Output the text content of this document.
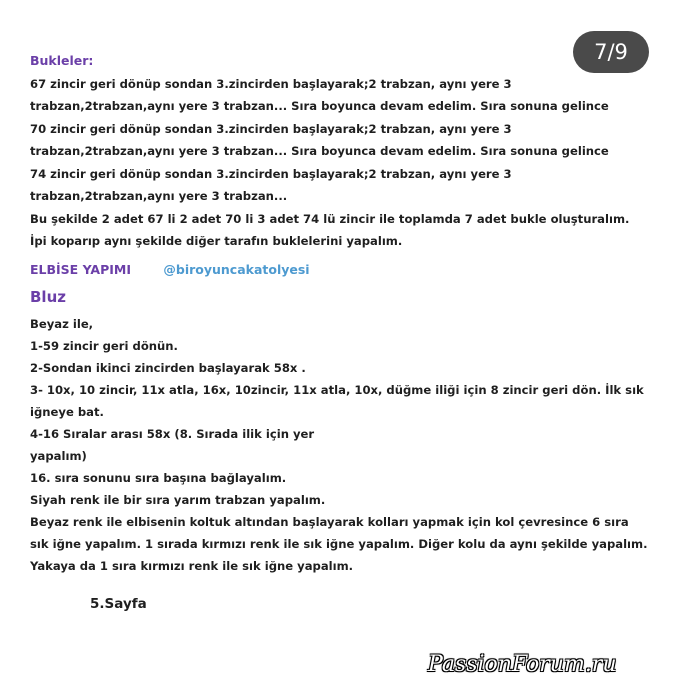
7/9
Bukleler:
67 zincir geri dönüp sondan 3.zincirden başlayarak;2 trabzan, aynı yere 3
trabzan,2trabzan,aynı yere 3 trabzan... Sıra boyunca devam edelim. Sıra sonuna gelince
70 zincir geri dönüp sondan 3.zincirden başlayarak;2 trabzan, aynı yere 3
trabzan,2trabzan,aynı yere 3 trabzan... Sıra boyunca devam edelim. Sıra sonuna gelince
74 zincir geri dönüp sondan 3.zincirden başlayarak;2 trabzan, aynı yere 3
trabzan,2trabzan,aynı yere 3 trabzan...
Bu şekilde 2 adet 67 li 2 adet 70 li 3 adet 74 lü zincir ile toplamda 7 adet bukle oluşturalım.
İpi koparıp aynı şekilde diğer tarafın buklelerini yapalım.
ELBİSE YAPIMI	@biroyuncakatolyesi
Bluz
Beyaz ile,
1-59 zincir geri dönün.
2-Sondan ikinci zincirden başlayarak 58x .
3- 10x, 10 zincir, 11x atla, 16x, 10zincir, 11x atla, 10x, düğme iliği için 8 zincir geri dön. İlk sık
iğneye bat.
4-16 Sıralar arası 58x (8. Sırada ilik için yer
yapalım)
16. sıra sonunu sıra başına bağlayalım.
Siyah renk ile bir sıra yarım trabzan yapalım.
Beyaz renk ile elbisenin koltuk altından başlayarak kolları yapmak için kol çevresince 6 sıra
sık iğne yapalım. 1 sırada kırmızı renk ile sık iğne yapalım. Diğer kolu da aynı şekilde yapalım.
Yakaya da 1 sıra kırmızı renk ile sık iğne yapalım.
5.Sayfa
PassionForum.ru
